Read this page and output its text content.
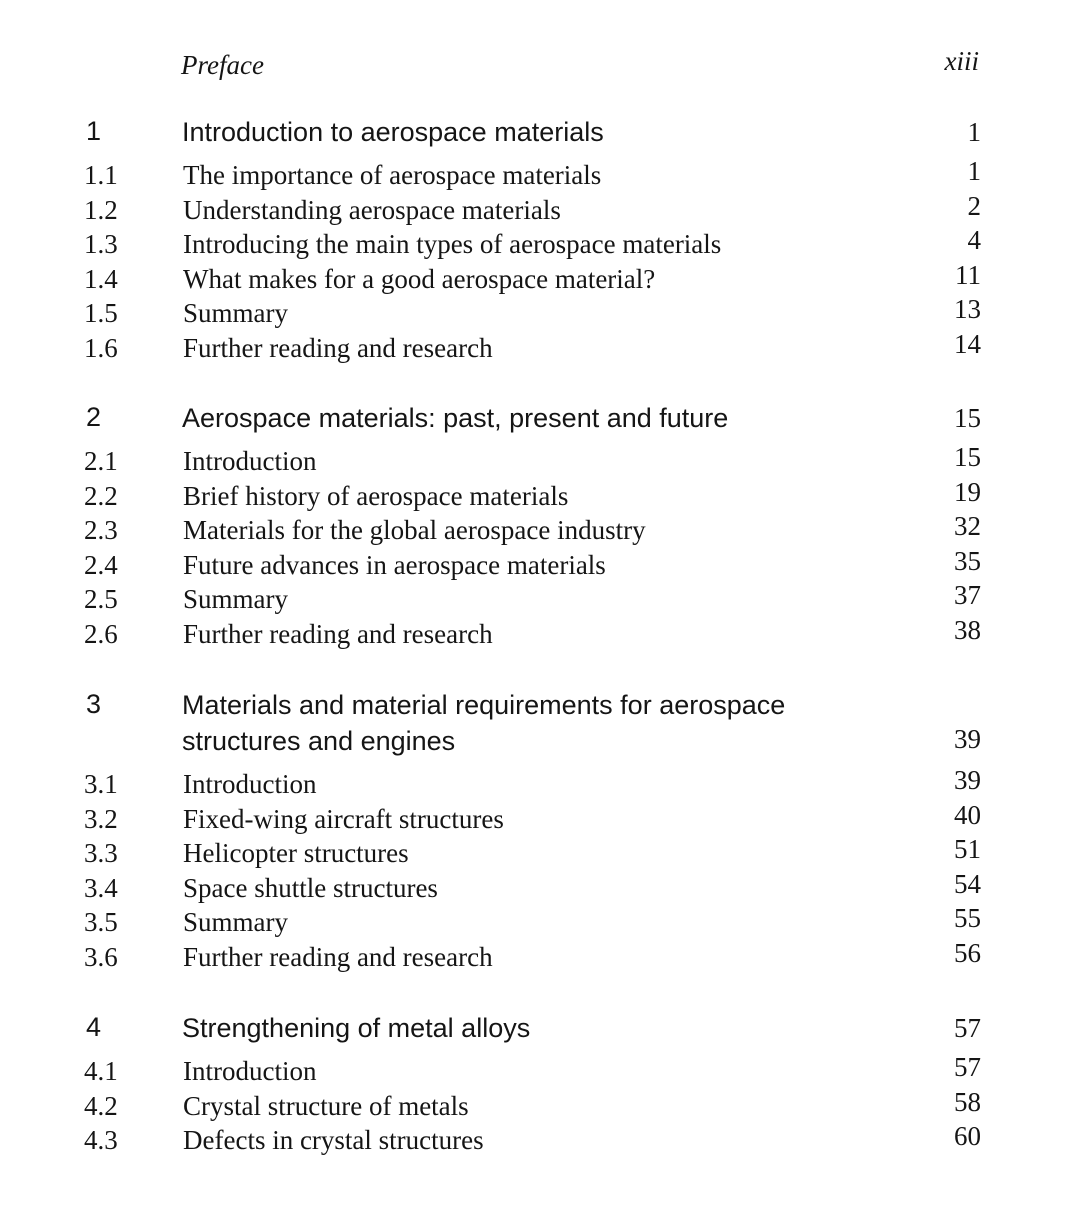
Preface	xiii
1	Introduction to aerospace materials	1
1.1 The importance of aerospace materials	1
1.2 Understanding aerospace materials	2
1.3 Introducing the main types of aerospace materials	4
1.4 What makes for a good aerospace material?	11
1.5 Summary	13
1.6 Further reading and research	14
2	Aerospace materials: past, present and future	15
2.1 Introduction	15
2.2 Brief history of aerospace materials	19
2.3 Materials for the global aerospace industry	32
2.4 Future advances in aerospace materials	35
2.5 Summary	37
2.6 Further reading and research	38
3	Materials and material requirements for aerospace structures and engines	39
3.1 Introduction	39
3.2 Fixed-wing aircraft structures	40
3.3 Helicopter structures	51
3.4 Space shuttle structures	54
3.5 Summary	55
3.6 Further reading and research	56
4	Strengthening of metal alloys	57
4.1 Introduction	57
4.2 Crystal structure of metals	58
4.3 Defects in crystal structures	60
